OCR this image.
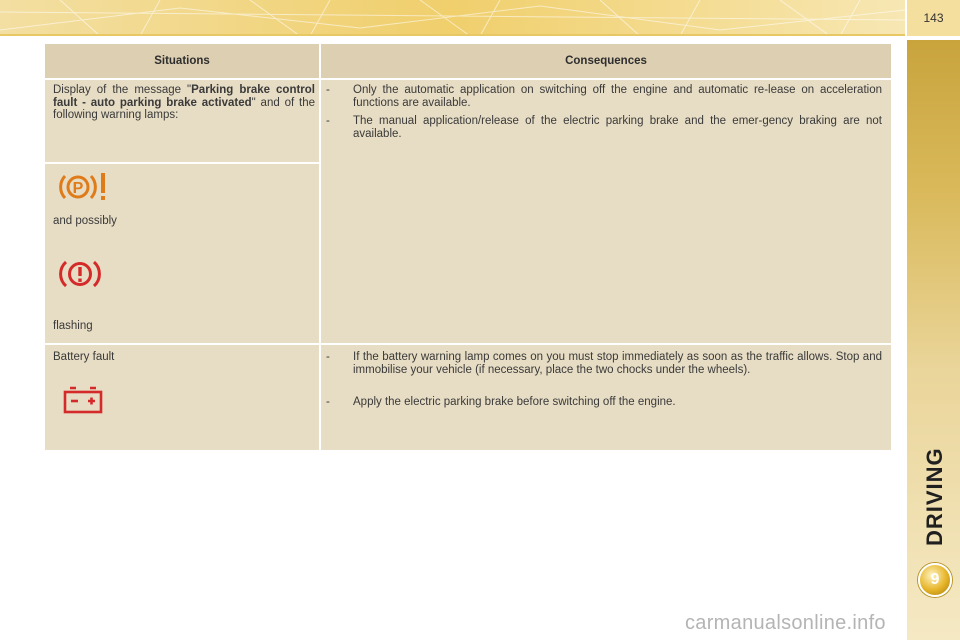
143
9
Situations	Consequences
Display of the message "Parking brake control fault - auto parking brake activated" and of the following warning lamps:
P
and possibly
flashing
- Only the automatic application on switching off the engine and automatic re-lease on acceleration functions are available.
- The manual application/release of the electric parking brake and the emer-gency braking are not available.
Battery fault	- If the battery warning lamp comes on you must stop immediately as soon as the traffic allows. Stop and immobilise your vehicle (if necessary, place the two chocks under the wheels).
- Apply the electric parking brake before switching off the engine.
carmanualsonline.info
